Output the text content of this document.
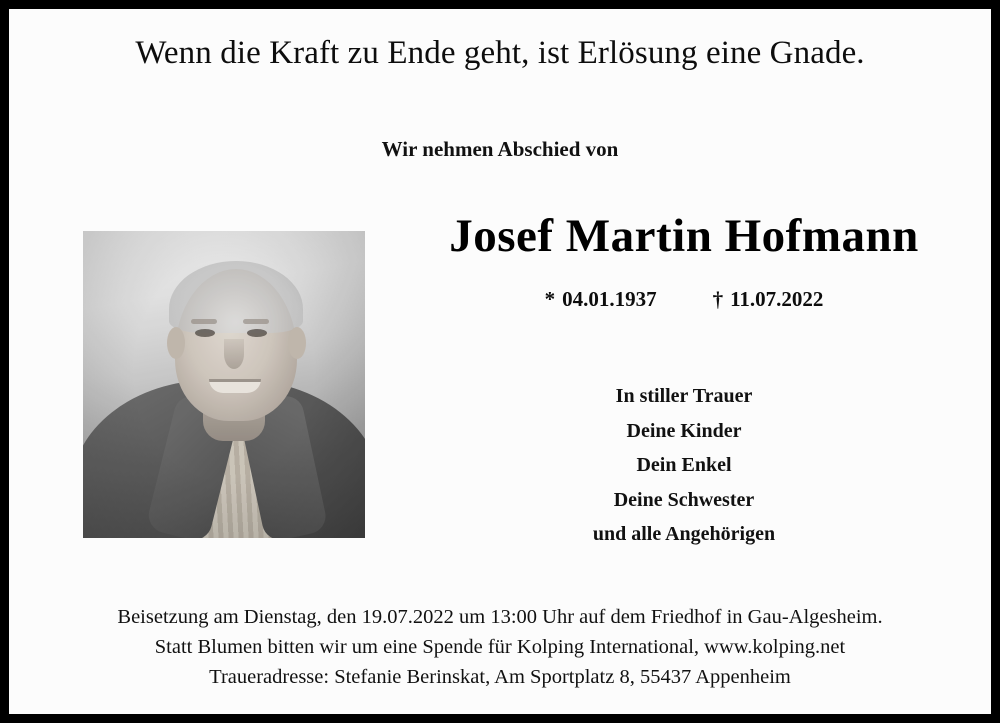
Wenn die Kraft zu Ende geht, ist Erlösung eine Gnade.
Wir nehmen Abschied von
Josef Martin Hofmann
* 04.01.1937	† 11.07.2022
In stiller Trauer
Deine Kinder
Dein Enkel
Deine Schwester
und alle Angehörigen
Beisetzung am Dienstag, den 19.07.2022 um 13:00 Uhr auf dem Friedhof in Gau-Algesheim.
Statt Blumen bitten wir um eine Spende für Kolping International, www.kolping.net
Traueradresse: Stefanie Berinskat, Am Sportplatz 8, 55437 Appenheim
